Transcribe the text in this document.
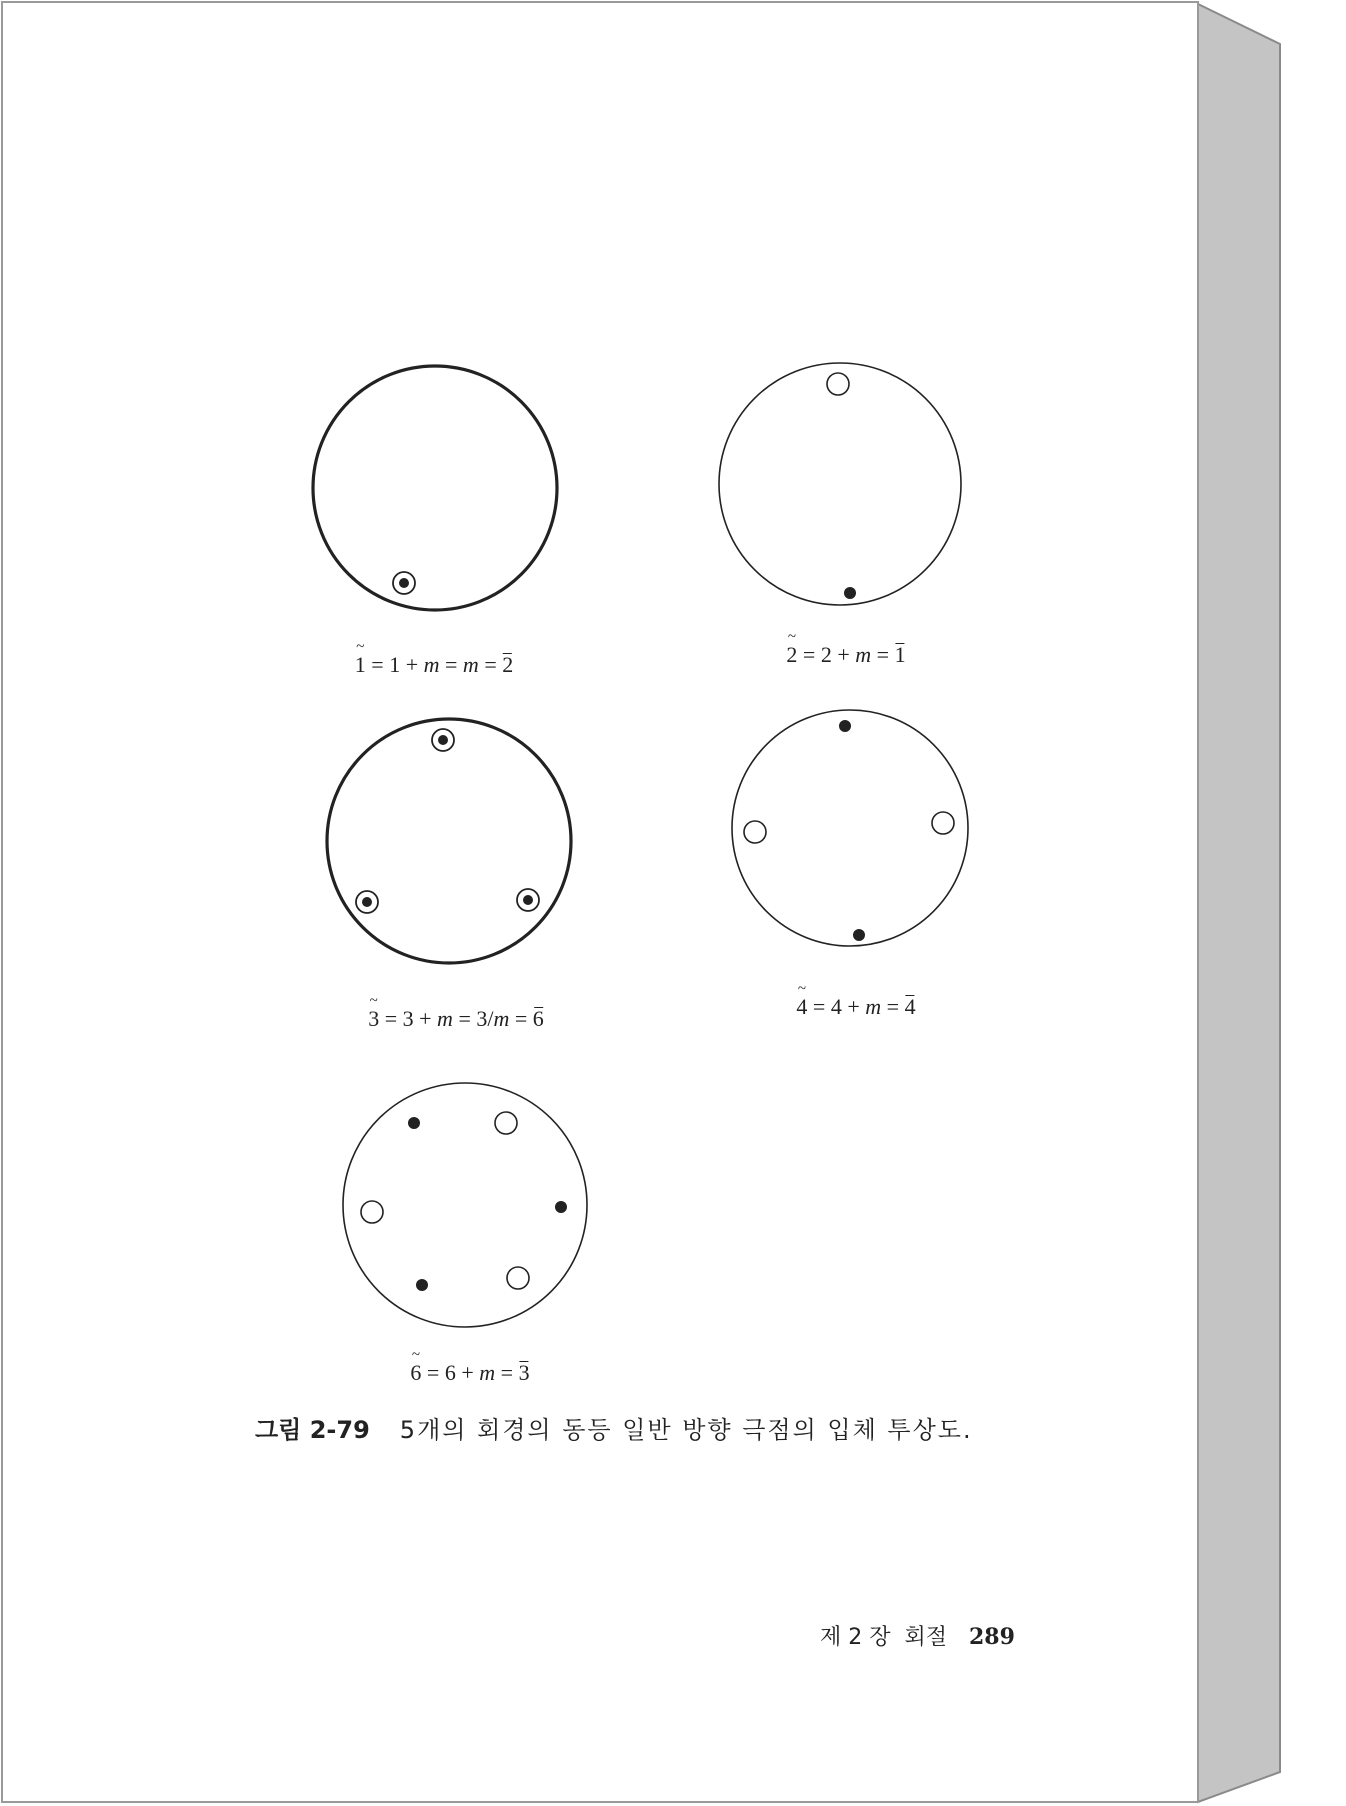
~
1 = 1 + m = m =
2
~
2 = 2 + m =
1
~
3 = 3 + m = 3/m =
6
~
4 = 4 + m =
4
~
6 = 6 + m =
3
그림 2-79 5개의 회경의 동등 일반 방향 극점의 입체 투상도.
제 2 장  회절 289
